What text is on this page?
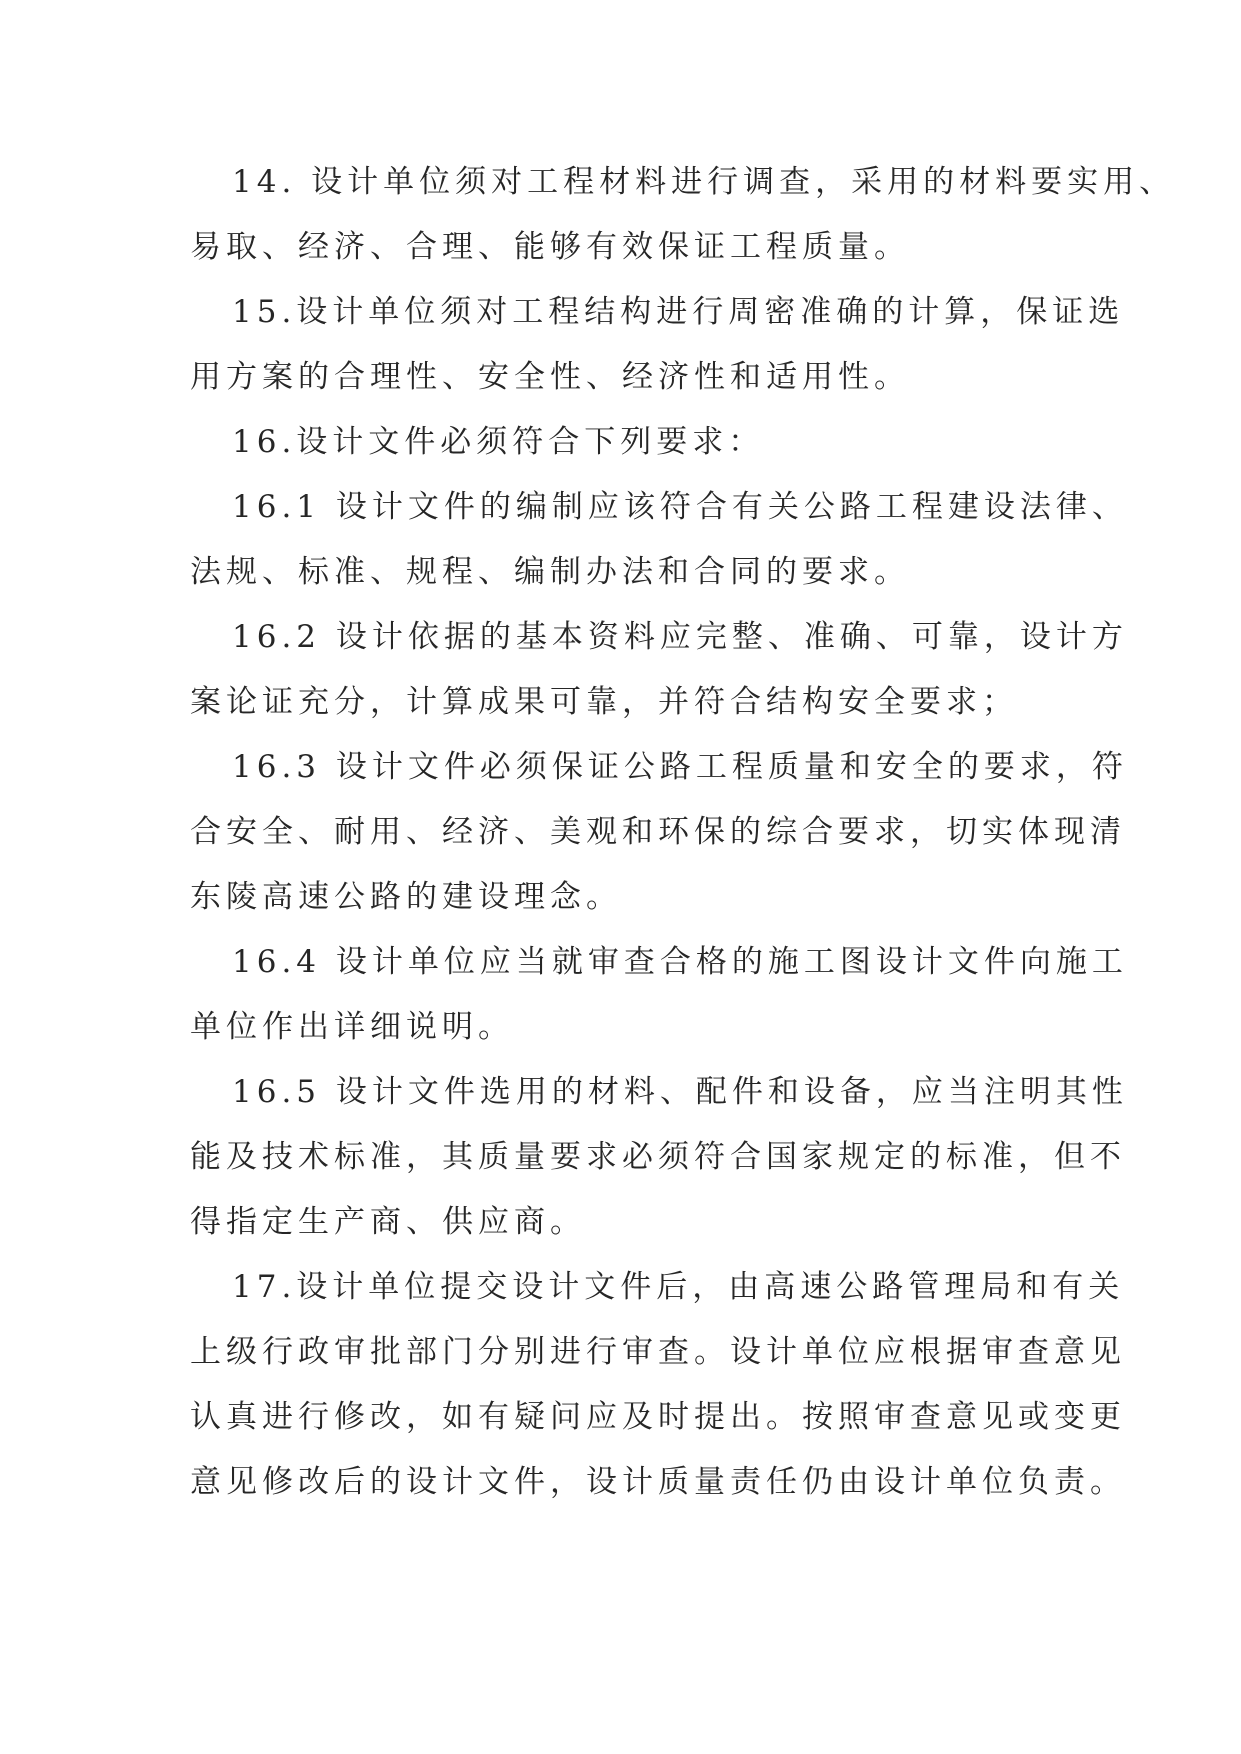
14. 设计单位须对工程材料进行调查，采用的材料要实用、
易取、经济、合理、能够有效保证工程质量。

15.设计单位须对工程结构进行周密准确的计算，保证选
用方案的合理性、安全性、经济性和适用性。

16.设计文件必须符合下列要求：

16.1 设计文件的编制应该符合有关公路工程建设法律、
法规、标准、规程、编制办法和合同的要求。

16.2 设计依据的基本资料应完整、准确、可靠，设计方
案论证充分，计算成果可靠，并符合结构安全要求；

16.3 设计文件必须保证公路工程质量和安全的要求，符
合安全、耐用、经济、美观和环保的综合要求，切实体现清
东陵高速公路的建设理念。

16.4 设计单位应当就审查合格的施工图设计文件向施工
单位作出详细说明。

16.5 设计文件选用的材料、配件和设备，应当注明其性
能及技术标准，其质量要求必须符合国家规定的标准，但不
得指定生产商、供应商。

17.设计单位提交设计文件后，由高速公路管理局和有关
上级行政审批部门分别进行审查。设计单位应根据审查意见
认真进行修改，如有疑问应及时提出。按照审查意见或变更
意见修改后的设计文件，设计质量责任仍由设计单位负责。
